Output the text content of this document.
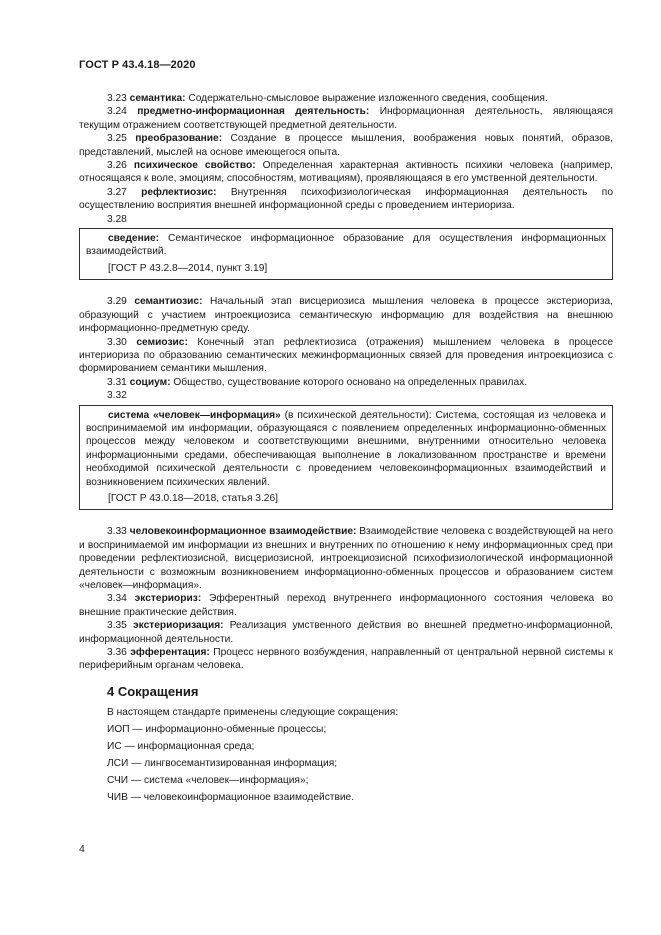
ГОСТ Р 43.4.18—2020

3.23 семантика: Содержательно-смысловое выражение изложенного сведения, сообщения.

3.24 предметно-информационная деятельность: Информационная деятельность, являющаяся текущим отражением соответствующей предметной деятельности.

3.25 преобразование: Создание в процессе мышления, воображения новых понятий, образов, представлений, мыслей на основе имеющегося опыта.

3.26 психическое свойство: Определенная характерная активность психики человека (например, относящаяся к воле, эмоциям, способностям, мотивациям), проявляющаяся в его умственной деятельности.

3.27 рефлектиозис: Внутренняя психофизиологическая информационная деятельность по осуществлению восприятия внешней информационной среды с проведением интериориза.

3.28

сведение: Семантическое информационное образование для осуществления информационных взаимодействий.

[ГОСТ Р 43.2.8—2014, пункт 3.19]

3.29 семантиозис: Начальный этап висцериозиса мышления человека в процессе экстериориза, образующий с участием интроекциозиса семантическую информацию для воздействия на внешнюю информационно-предметную среду.

3.30 семиозис: Конечный этап рефлектиозиса (отражения) мышлением человека в процессе интериориза по образованию семантических межинформационных связей для проведения интроекциозиса с формированием семантики мышления.

3.31 социум: Общество, существование которого основано на определенных правилах.

3.32

система «человек—информация» (в психической деятельности): Система, состоящая из человека и воспринимаемой им информации, образующаяся с появлением определенных информационно-обменных процессов между человеком и соответствующими внешними, внутренними относительно человека информационными средами, обеспечивающая выполнение в локализованном пространстве и времени необходимой психической деятельности с проведением человекоинформационных взаимодействий и возникновением психических явлений.

[ГОСТ Р 43.0.18—2018, статья 3.26]

3.33 человекоинформационное взаимодействие: Взаимодействие человека с воздействующей на него и воспринимаемой им информации из внешних и внутренних по отношению к нему информационных сред при проведении рефлектиозисной, висцериозисной, интроекциозисной психофизиологической информационной деятельности с возможным возникновением информационно-обменных процессов и образованием систем «человек—информация».

3.34 экстериориз: Эфферентный переход внутреннего информационного состояния человека во внешние практические действия.

3.35 экстериоризация: Реализация умственного действия во внешней предметно-информационной, информационной деятельности.

3.36 эфферентация: Процесс нервного возбуждения, направленный от центральной нервной системы к периферийным органам человека.

4 Сокращения

В настоящем стандарте применены следующие сокращения:

ИОП — информационно-обменные процессы;

ИС — информационная среда;

ЛСИ — лингвосемантизированная информация;

СЧИ — система «человек—информация»;

ЧИВ — человекоинформационное взаимодействие.

4
